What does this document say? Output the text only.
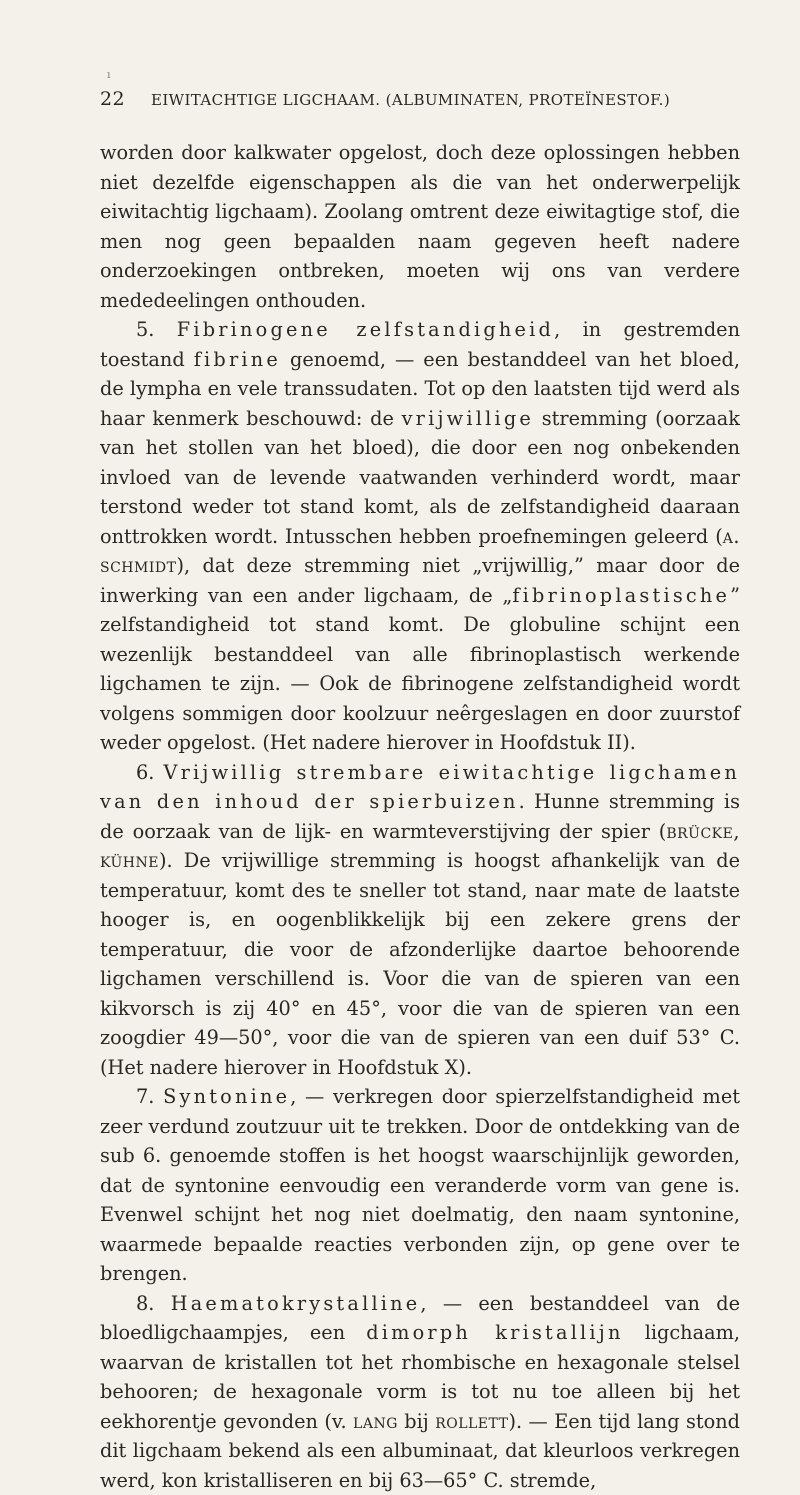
ı
22 EIWITACHTIGE LIGCHAAM. (ALBUMINATEN, PROTEÏNESTOF.)

worden door kalkwater opgelost, doch deze oplossingen hebben niet dezelfde eigenschappen als die van het onderwerpelijk eiwitachtig ligchaam). Zoolang omtrent deze eiwitagtige stof, die men nog geen bepaalden naam gegeven heeft nadere onderzoekingen ontbreken, moeten wij ons van verdere mededeelingen onthouden.

5. Fibrinogene zelfstandigheid, in gestremden toestand fibrine genoemd, — een bestanddeel van het bloed, de lympha en vele transsudaten. Tot op den laatsten tijd werd als haar kenmerk beschouwd: de vrijwillige stremming (oorzaak van het stollen van het bloed), die door een nog onbekenden invloed van de levende vaatwanden verhinderd wordt, maar terstond weder tot stand komt, als de zelfstandigheid daaraan onttrokken wordt. Intusschen hebben proefnemingen geleerd (a. schmidt), dat deze stremming niet „vrijwillig,” maar door de inwerking van een ander ligchaam, de „fibrinoplastische” zelfstandigheid tot stand komt. De globuline schijnt een wezenlijk bestanddeel van alle fibrinoplastisch werkende ligchamen te zijn. — Ook de fibrinogene zelfstandigheid wordt volgens sommigen door koolzuur neêrgeslagen en door zuurstof weder opgelost. (Het nadere hierover in Hoofdstuk II).

6. Vrijwillig strembare eiwitachtige ligchamen van den inhoud der spierbuizen. Hunne stremming is de oorzaak van de lijk- en warmteverstijving der spier (brücke, kühne). De vrijwillige stremming is hoogst afhankelijk van de temperatuur, komt des te sneller tot stand, naar mate de laatste hooger is, en oogenblikkelijk bij een zekere grens der temperatuur, die voor de afzonderlijke daartoe behoorende ligchamen verschillend is. Voor die van de spieren van een kikvorsch is zij 40° en 45°, voor die van de spieren van een zoogdier 49—50°, voor die van de spieren van een duif 53° C. (Het nadere hierover in Hoofdstuk X).

7. Syntonine, — verkregen door spierzelfstandigheid met zeer verdund zoutzuur uit te trekken. Door de ontdekking van de sub 6. genoemde stoffen is het hoogst waarschijnlijk geworden, dat de syntonine eenvoudig een veranderde vorm van gene is. Evenwel schijnt het nog niet doelmatig, den naam syntonine, waarmede bepaalde reacties verbonden zijn, op gene over te brengen.

8. Haematokrystalline, — een bestanddeel van de bloedligchaampjes, een dimorph kristallijn ligchaam, waarvan de kristallen tot het rhombische en hexagonale stelsel behooren; de hexagonale vorm is tot nu toe alleen bij het eekhorentje gevonden (v. lang bij rollett). — Een tijd lang stond dit ligchaam bekend als een albuminaat, dat kleurloos verkregen werd, kon kristalliseren en bij 63—65° C. stremde,
